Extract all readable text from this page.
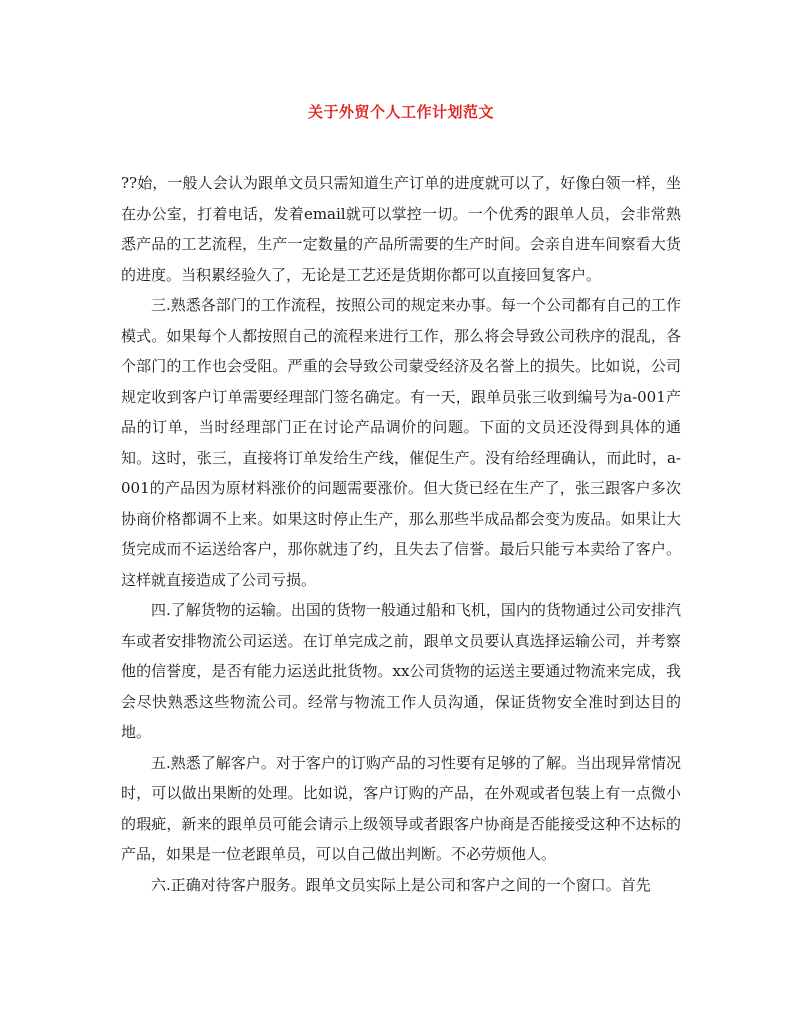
关于外贸个人工作计划范文

??始，一般人会认为跟单文员只需知道生产订单的进度就可以了，好像白领一样，坐在办公室，打着电话，发着email就可以掌控一切。一个优秀的跟单人员，会非常熟悉产品的工艺流程，生产一定数量的产品所需要的生产时间。会亲自进车间察看大货的进度。当积累经验久了，无论是工艺还是货期你都可以直接回复客户。

三.熟悉各部门的工作流程，按照公司的规定来办事。每一个公司都有自己的工作模式。如果每个人都按照自己的流程来进行工作，那么将会导致公司秩序的混乱，各个部门的工作也会受阻。严重的会导致公司蒙受经济及名誉上的损失。比如说，公司规定收到客户订单需要经理部门签名确定。有一天，跟单员张三收到编号为a-001产品的订单，当时经理部门正在讨论产品调价的问题。下面的文员还没得到具体的通知。这时，张三，直接将订单发给生产线，催促生产。没有给经理确认，而此时，a-001的产品因为原材料涨价的问题需要涨价。但大货已经在生产了，张三跟客户多次协商价格都调不上来。如果这时停止生产，那么那些半成品都会变为废品。如果让大货完成而不运送给客户，那你就违了约，且失去了信誉。最后只能亏本卖给了客户。这样就直接造成了公司亏损。

四.了解货物的运输。出国的货物一般通过船和飞机，国内的货物通过公司安排汽车或者安排物流公司运送。在订单完成之前，跟单文员要认真选择运输公司，并考察他的信誉度，是否有能力运送此批货物。xx公司货物的运送主要通过物流来完成，我会尽快熟悉这些物流公司。经常与物流工作人员沟通，保证货物安全准时到达目的地。

五.熟悉了解客户。对于客户的订购产品的习性要有足够的了解。当出现异常情况时，可以做出果断的处理。比如说，客户订购的产品，在外观或者包装上有一点微小的瑕疵，新来的跟单员可能会请示上级领导或者跟客户协商是否能接受这种不达标的产品，如果是一位老跟单员，可以自己做出判断。不必劳烦他人。

六.正确对待客户服务。跟单文员实际上是公司和客户之间的一个窗口。首先
